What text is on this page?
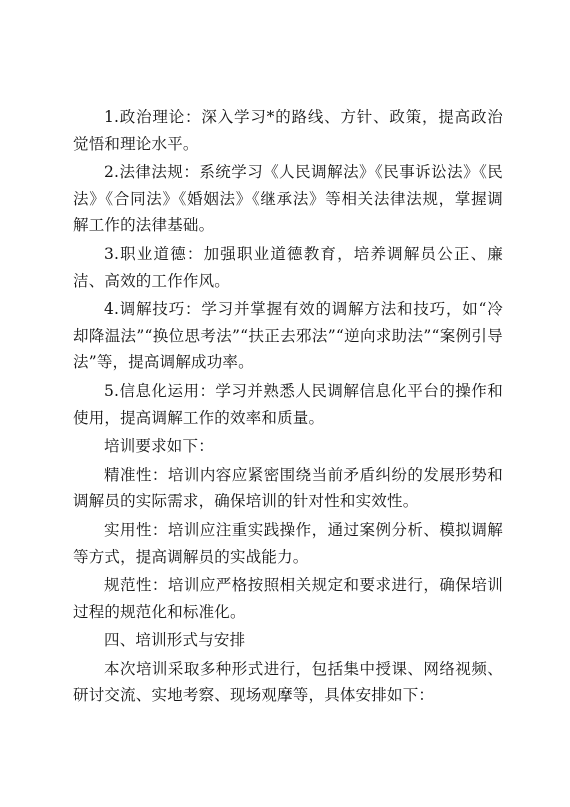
1.政治理论：深入学习*的路线、方针、政策，提高政治觉悟和理论水平。

2.法律法规：系统学习《人民调解法》《民事诉讼法》《民法》《合同法》《婚姻法》《继承法》等相关法律法规，掌握调解工作的法律基础。

3.职业道德：加强职业道德教育，培养调解员公正、廉洁、高效的工作作风。

4.调解技巧：学习并掌握有效的调解方法和技巧，如“冷却降温法”“换位思考法”“扶正去邪法”“逆向求助法”“案例引导法”等，提高调解成功率。

5.信息化运用：学习并熟悉人民调解信息化平台的操作和使用，提高调解工作的效率和质量。

培训要求如下：

精准性：培训内容应紧密围绕当前矛盾纠纷的发展形势和调解员的实际需求，确保培训的针对性和实效性。

实用性：培训应注重实践操作，通过案例分析、模拟调解等方式，提高调解员的实战能力。

规范性：培训应严格按照相关规定和要求进行，确保培训过程的规范化和标准化。

四、培训形式与安排

本次培训采取多种形式进行，包括集中授课、网络视频、研讨交流、实地考察、现场观摩等，具体安排如下：
